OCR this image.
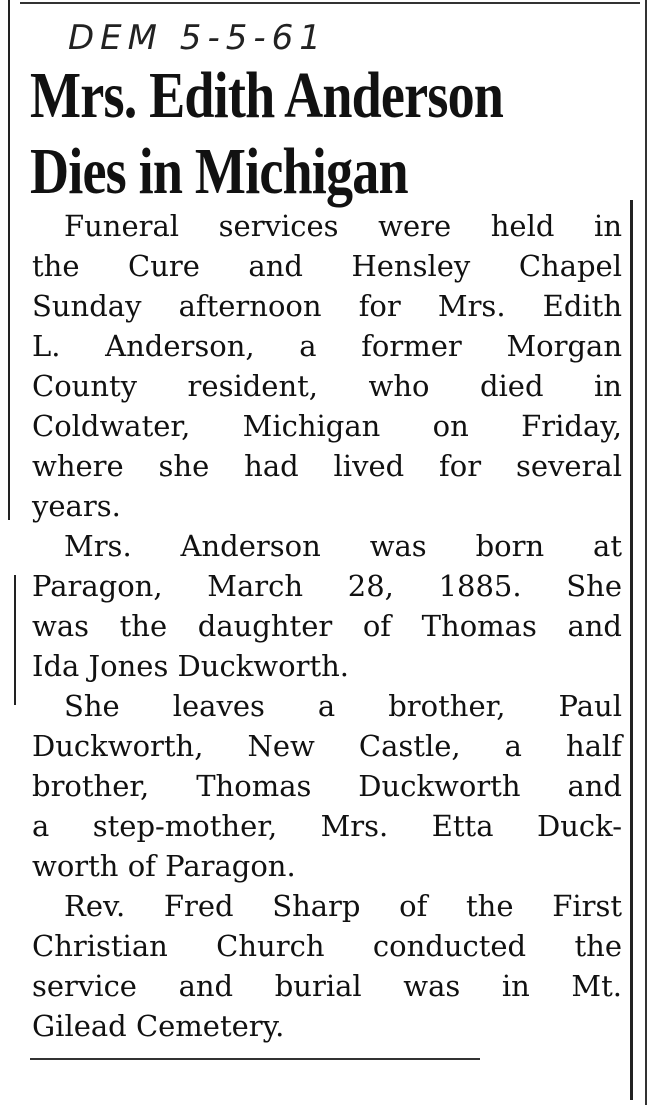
DEM 5-5-61
Mrs. Edith Anderson
Dies in Michigan

Funeral services were held in
the Cure and Hensley Chapel
Sunday afternoon for Mrs. Edith
L. Anderson, a former Morgan
County resident, who died in
Coldwater, Michigan on Friday,
where she had lived for several
years.

Mrs. Anderson was born at
Paragon, March 28, 1885. She
was the daughter of Thomas and
Ida Jones Duckworth.

She leaves a brother, Paul
Duckworth, New Castle, a half
brother, Thomas Duckworth and
a step-mother, Mrs. Etta Duck-
worth of Paragon.

Rev. Fred Sharp of the First
Christian Church conducted the
service and burial was in Mt.
Gilead Cemetery.
